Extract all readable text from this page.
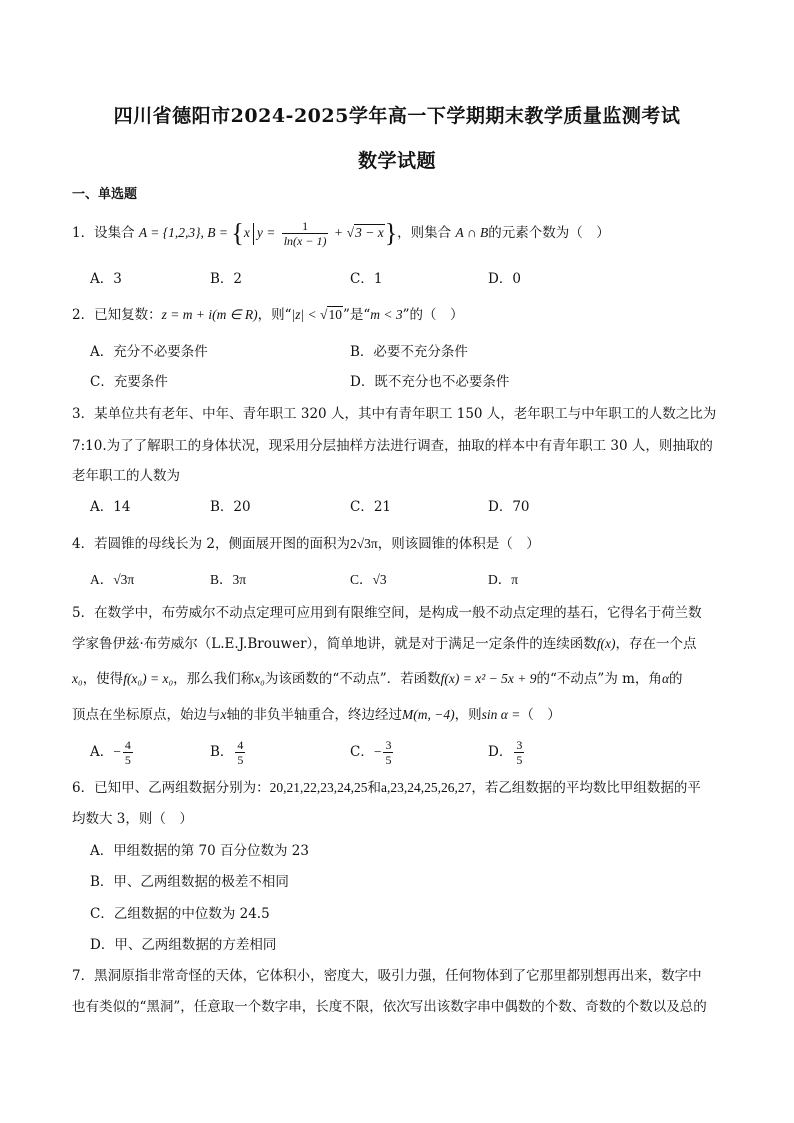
四川省德阳市2024-2025学年高一下学期期末教学质量监测考试
数学试题
一、单选题
1．设集合 A = {1,2,3}, B = {x $y = \frac{1}{\ln(x - 1)} + √3 - x$}，则集合 A ∩ B的元素个数为（　）
A．3	B．2	C．1	D．0
2．已知复数：z = m + i(m ∈ R)，则“|z| < √10”是“m < 3”的（　）
A．充分不必要条件	B．必要不充分条件
C．充要条件	D．既不充分也不必要条件
3．某单位共有老年、中年、青年职工 320 人，其中有青年职工 150 人，老年职工与中年职工的人数之比为
7:10.为了了解职工的身体状况，现采用分层抽样方法进行调查，抽取的样本中有青年职工 30 人，则抽取的
老年职工的人数为
A．14	B．20	C．21	D．70
4．若圆锥的母线长为 2，侧面展开图的面积为2√3π，则该圆锥的体积是（　）
A．√3π	B．3π	C．√3	D．π
5．在数学中，布劳威尔不动点定理可应用到有限维空间，是构成一般不动点定理的基石，它得名于荷兰数
学家鲁伊兹·布劳威尔（L.E.J.Brouwer），简单地讲，就是对于满足一定条件的连续函数f(x)，存在一个点
x₀，使得f(x₀) = x₀，那么我们称x₀为该函数的“不动点”．若函数f(x) = x² − 5x + 9的“不动点”为 m，角α的
顶点在坐标原点，始边与x轴的非负半轴重合，终边经过M(m, −4)，则sin α =（　）
A．− $\frac{4}{5}$	B． $\frac{4}{5}$	C．− $\frac{3}{5}$	D． $\frac{3}{5}$
6．已知甲、乙两组数据分别为：20,21,22,23,24,25和a,23,24,25,26,27，若乙组数据的平均数比甲组数据的平
均数大 3，则（　）
A．甲组数据的第 70 百分位数为 23
B．甲、乙两组数据的极差不相同
C．乙组数据的中位数为 24.5
D．甲、乙两组数据的方差相同
7．黑洞原指非常奇怪的天体，它体积小，密度大，吸引力强，任何物体到了它那里都别想再出来，数字中
也有类似的“黑洞”，任意取一个数字串，长度不限，依次写出该数字串中偶数的个数、奇数的个数以及总的
